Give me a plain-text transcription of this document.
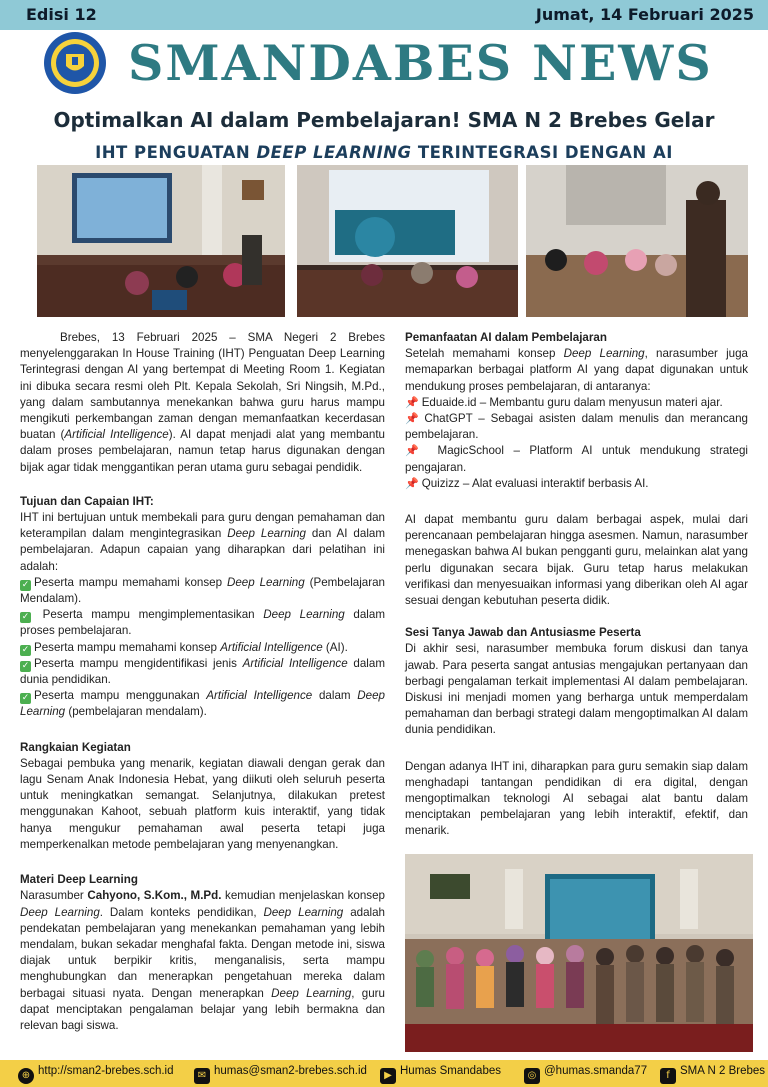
Edisi 12	Jumat, 14 Februari 2025
SMANDABES NEWS
Optimalkan AI dalam Pembelajaran! SMA N 2 Brebes Gelar
IHT PENGUATAN DEEP LEARNING TERINTEGRASI DENGAN AI

Brebes, 13 Februari 2025 – SMA Negeri 2 Brebes menyelenggarakan In House Training (IHT) Penguatan Deep Learning Terintegrasi dengan AI yang bertempat di Meeting Room 1. Kegiatan ini dibuka secara resmi oleh Plt. Kepala Sekolah, Sri Ningsih, M.Pd., yang dalam sambutannya menekankan bahwa guru harus mampu mengikuti perkembangan zaman dengan memanfaatkan kecerdasan buatan (Artificial Intelligence). AI dapat menjadi alat yang membantu dalam proses pembelajaran, namun tetap harus digunakan dengan bijak agar tidak menggantikan peran utama guru sebagai pendidik.

Tujuan dan Capaian IHT:

IHT ini bertujuan untuk membekali para guru dengan pemahaman dan keterampilan dalam mengintegrasikan Deep Learning dan AI dalam pembelajaran. Adapun capaian yang diharapkan dari pelatihan ini adalah:

✓ Peserta mampu memahami konsep Deep Learning (Pembelajaran Mendalam).

✓ Peserta mampu mengimplementasikan Deep Learning dalam proses pembelajaran.

✓ Peserta mampu memahami konsep Artificial Intelligence (AI).

✓ Peserta mampu mengidentifikasi jenis Artificial Intelligence dalam dunia pendidikan.

✓ Peserta mampu menggunakan Artificial Intelligence dalam Deep Learning (pembelajaran mendalam).

Rangkaian Kegiatan

Sebagai pembuka yang menarik, kegiatan diawali dengan gerak dan lagu Senam Anak Indonesia Hebat, yang diikuti oleh seluruh peserta untuk meningkatkan semangat. Selanjutnya, dilakukan pretest menggunakan Kahoot, sebuah platform kuis interaktif, yang tidak hanya mengukur pemahaman awal peserta tetapi juga memperkenalkan metode pembelajaran yang menyenangkan.

Materi Deep Learning

Narasumber Cahyono, S.Kom., M.Pd. kemudian menjelaskan konsep Deep Learning. Dalam konteks pendidikan, Deep Learning adalah pendekatan pembelajaran yang menekankan pemahaman yang lebih mendalam, bukan sekadar menghafal fakta. Dengan metode ini, siswa diajak untuk berpikir kritis, menganalisis, serta mampu menghubungkan dan menerapkan pengetahuan mereka dalam berbagai situasi nyata. Dengan menerapkan Deep Learning, guru dapat menciptakan pengalaman belajar yang lebih bermakna dan relevan bagi siswa.

Pemanfaatan AI dalam Pembelajaran

Setelah memahami konsep Deep Learning, narasumber juga memaparkan berbagai platform AI yang dapat digunakan untuk mendukung proses pembelajaran, di antaranya:

📌 Eduaide.id – Membantu guru dalam menyusun materi ajar.

📌 ChatGPT – Sebagai asisten dalam menulis dan merancang pembelajaran.

📌 MagicSchool – Platform AI untuk mendukung strategi pengajaran.

📌 Quizizz – Alat evaluasi interaktif berbasis AI.

AI dapat membantu guru dalam berbagai aspek, mulai dari perencanaan pembelajaran hingga asesmen. Namun, narasumber menegaskan bahwa AI bukan pengganti guru, melainkan alat yang perlu digunakan secara bijak. Guru tetap harus melakukan verifikasi dan menyesuaikan informasi yang diberikan oleh AI agar sesuai dengan kebutuhan peserta didik.

Sesi Tanya Jawab dan Antusiasme Peserta

Di akhir sesi, narasumber membuka forum diskusi dan tanya jawab. Para peserta sangat antusias mengajukan pertanyaan dan berbagi pengalaman terkait implementasi AI dalam pembelajaran. Diskusi ini menjadi momen yang berharga untuk memperdalam pemahaman dan berbagi strategi dalam mengoptimalkan AI dalam dunia pendidikan.

Dengan adanya IHT ini, diharapkan para guru semakin siap dalam menghadapi tantangan pendidikan di era digital, dengan mengoptimalkan teknologi AI sebagai alat bantu dalam menciptakan pembelajaran yang lebih interaktif, efektif, dan menarik.

⊕ http://sman2-brebes.sch.id	✉ humas@sman2-brebes.sch.id	▶ Humas Smandabes	◎ @humas.smanda77	f SMA N 2 Brebes
